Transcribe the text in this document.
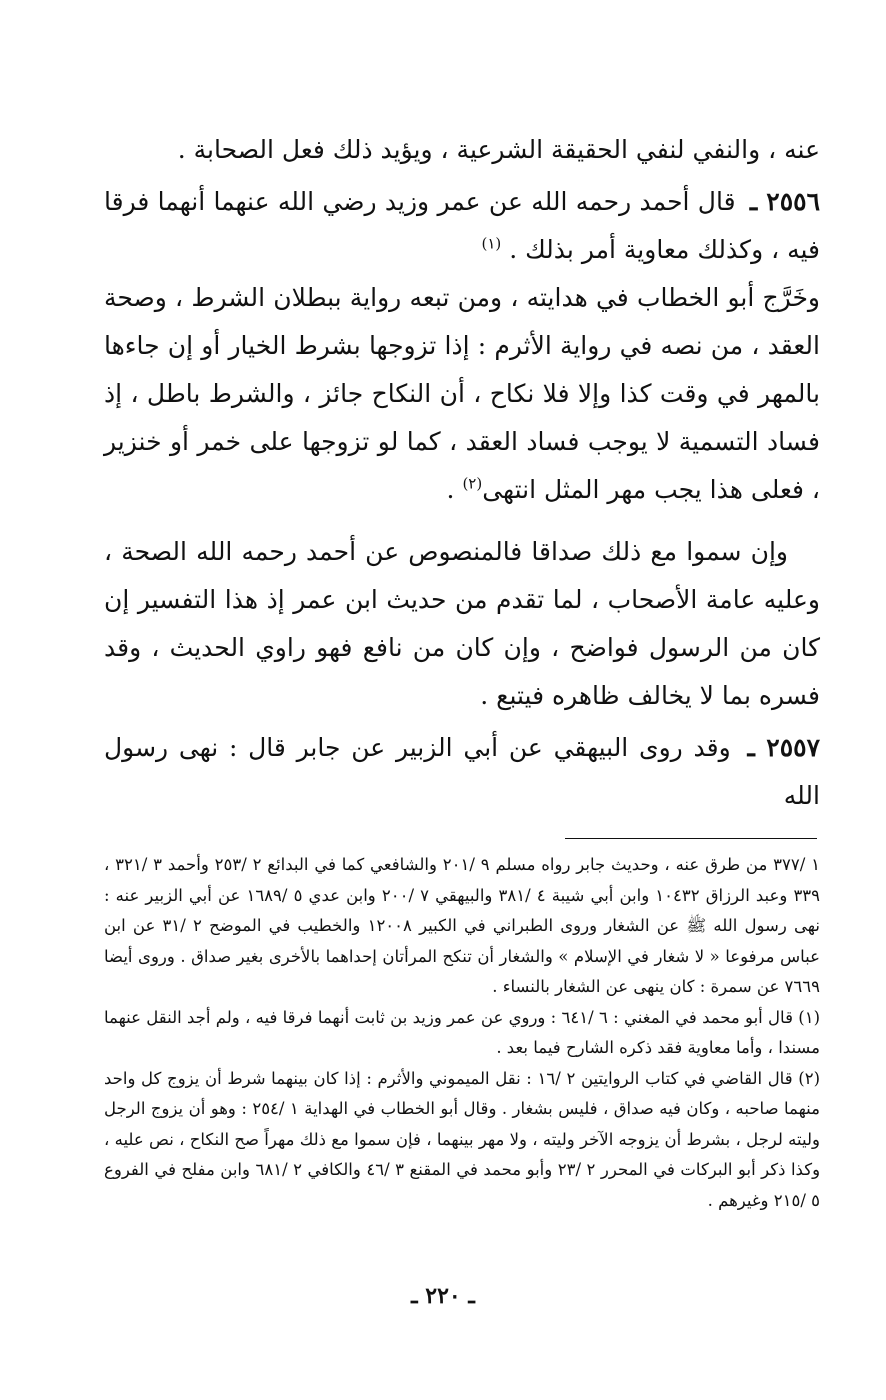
عنه ، والنفي لنفي الحقيقة الشرعية ، ويؤيد ذلك فعل الصحابة .

٢٥٥٦ ـ قال أحمد رحمه الله عن عمر وزيد رضي الله عنهما أنهما فرقا فيه ، وكذلك معاوية أمر بذلك . $^{(١)}$

وخَرَّج أبو الخطاب في هدايته ، ومن تبعه رواية ببطلان الشرط ، وصحة العقد ، من نصه في رواية الأثرم : إذا تزوجها بشرط الخيار أو إن جاءها بالمهر في وقت كذا وإلا فلا نكاح ، أن النكاح جائز ، والشرط باطل ، إذ فساد التسمية لا يوجب فساد العقد ، كما لو تزوجها على خمر أو خنزير ، فعلى هذا يجب مهر المثل انتهى$^{(٢)}$ .

وإن سموا مع ذلك صداقا فالمنصوص عن أحمد رحمه الله الصحة ، وعليه عامة الأصحاب ، لما تقدم من حديث ابن عمر إذ هذا التفسير إن كان من الرسول فواضح ، وإن كان من نافع فهو راوي الحديث ، وقد فسره بما لا يخالف ظاهره فيتبع .

٢٥٥٧ ـ وقد روى البيهقي عن أبي الزبير عن جابر قال : نهى رسول الله

١ /٣٧٧ من طرق عنه ، وحديث جابر رواه مسلم ٩ /٢٠١ والشافعي كما في البدائع ٢ /٢٥٣ وأحمد ٣ /٣٢١ ، ٣٣٩ وعبد الرزاق ١٠٤٣٢ وابن أبي شيبة ٤ /٣٨١ والبيهقي ٧ /٢٠٠ وابن عدي ٥ /١٦٨٩ عن أبي الزبير عنه : نهى رسول الله ﷺ عن الشغار وروى الطبراني في الكبير ١٢٠٠٨ والخطيب في الموضح ٢ /٣١ عن ابن عباس مرفوعا « لا شغار في الإسلام » والشغار أن تنكح المرأتان إحداهما بالأخرى بغير صداق . وروى أيضا ٧٦٦٩ عن سمرة : كان ينهى عن الشغار بالنساء .

(١) قال أبو محمد في المغني : ٦ /٦٤١ : وروي عن عمر وزيد بن ثابت أنهما فرقا فيه ، ولم أجد النقل عنهما مسندا ، وأما معاوية فقد ذكره الشارح فيما بعد .

(٢) قال القاضي في كتاب الروايتين ٢ /١٦ : نقل الميموني والأثرم : إذا كان بينهما شرط أن يزوج كل واحد منهما صاحبه ، وكان فيه صداق ، فليس بشغار . وقال أبو الخطاب في الهداية ١ /٢٥٤ : وهو أن يزوج الرجل وليته لرجل ، بشرط أن يزوجه الآخر وليته ، ولا مهر بينهما ، فإن سموا مع ذلك مهراً صح النكاح ، نص عليه ، وكذا ذكر أبو البركات في المحرر ٢ /٢٣ وأبو محمد في المقنع ٣ /٤٦ والكافي ٢ /٦٨١ وابن مفلح في الفروع ٥ /٢١٥ وغيرهم .

ـ ٢٢٠ ـ
